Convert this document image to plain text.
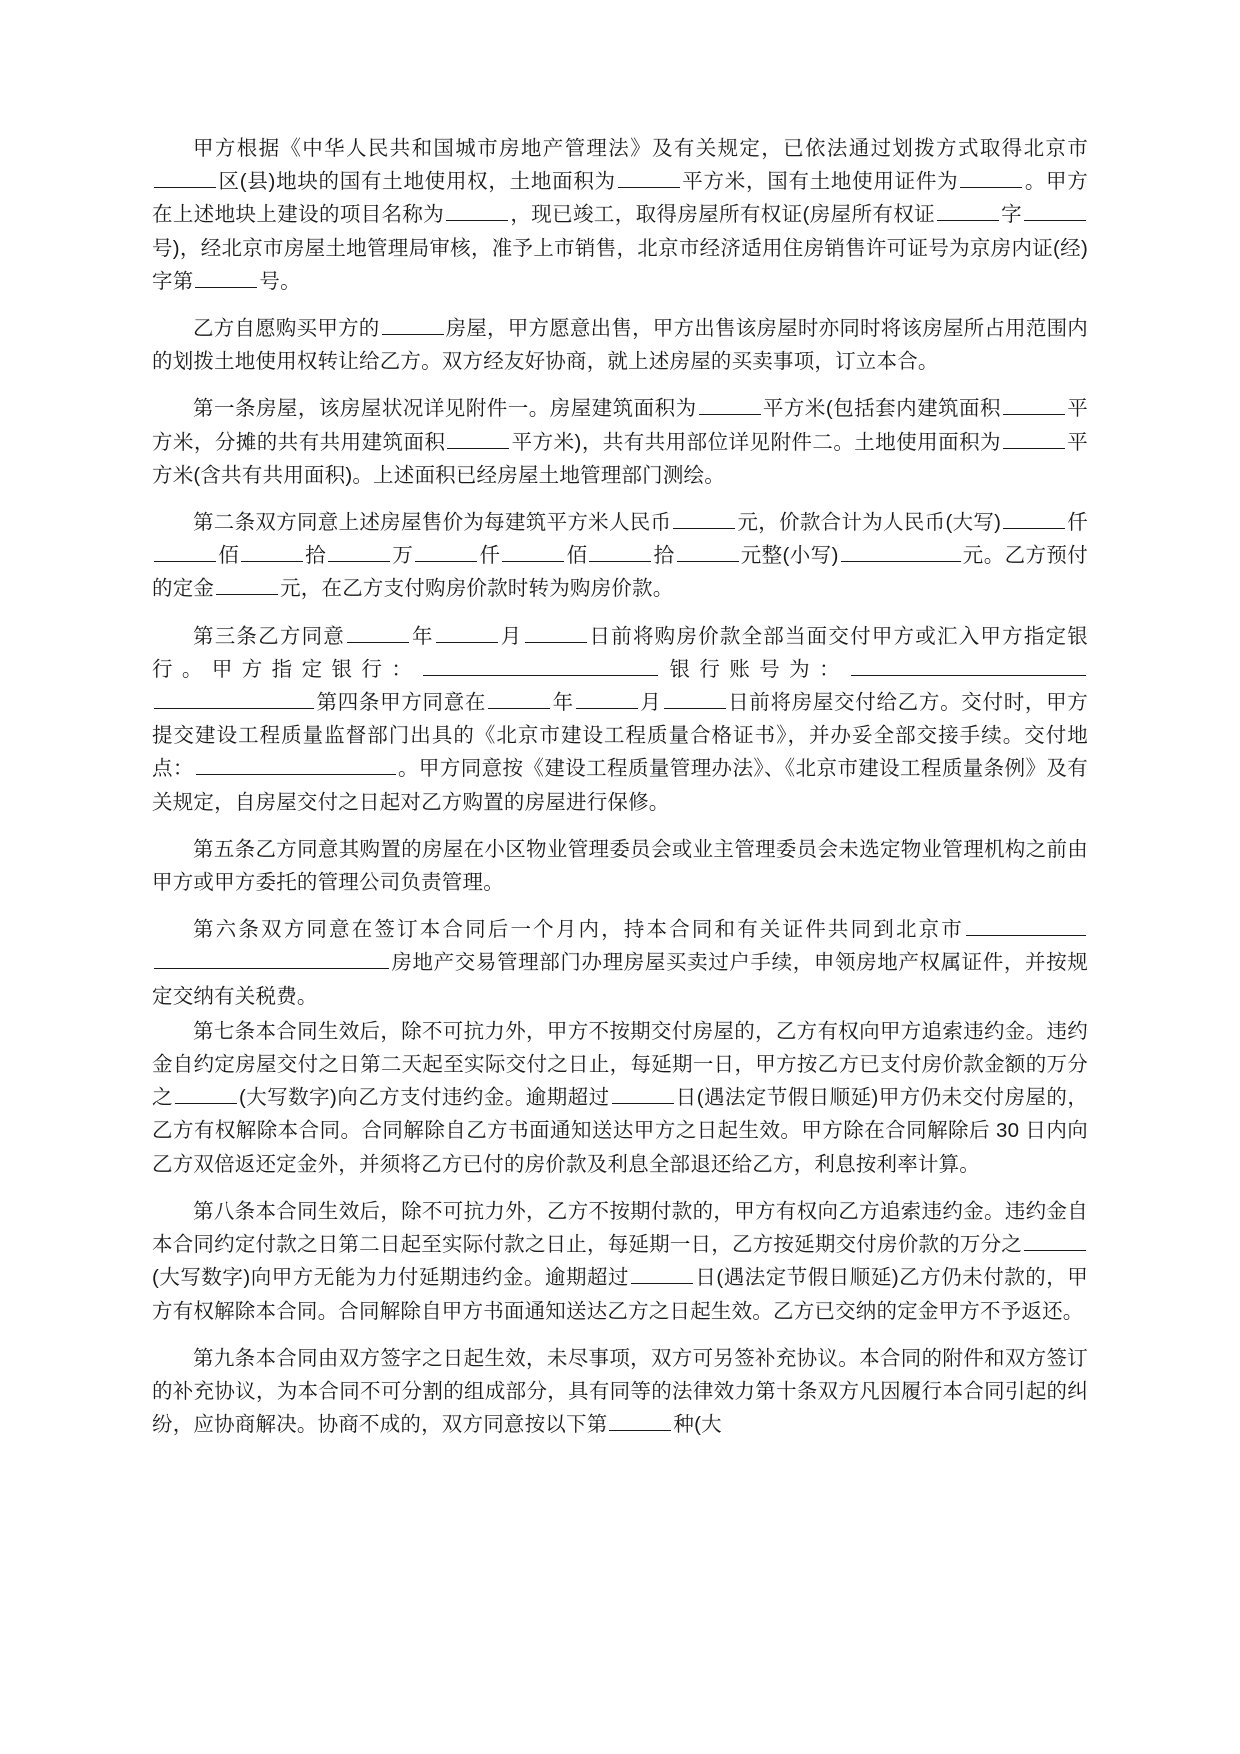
甲方根据《中华人民共和国城市房地产管理法》及有关规定，已依法通过划拨方式取得北京市区(县)地块的国有土地使用权，土地面积为	平方米，国有土地使用证件为	。甲方在上述地块上建设的项目名称为	，现已竣工，取得房屋所有权证(房屋所有权证	字号)，经北京市房屋土地管理局审核，准予上市销售，北京市经济适用住房销售许可证号为京房内证(经)字第	号。

乙方自愿购买甲方的	房屋，甲方愿意出售，甲方出售该房屋时亦同时将该房屋所占用范围内的划拨土地使用权转让给乙方。双方经友好协商，就上述房屋的买卖事项，订立本合。

第一条房屋，该房屋状况详见附件一。房屋建筑面积为	平方米(包括套内建筑面积	平方米，分摊的共有共用建筑面积	平方米)，共有共用部位详见附件二。土地使用面积为	平方米(含共有共用面积)。上述面积已经房屋土地管理部门测绘。

第二条双方同意上述房屋售价为每建筑平方米人民币	元，价款合计为人民币(大写)	仟佰	拾	万	仟	佰	拾	元整(小写)	元。乙方预付的定金	元，在乙方支付购房价款时转为购房价款。

第三条乙方同意	年	月	日前将购房价款全部当面交付甲方或汇入甲方指定银行。甲方指定银行：	银行账号为：第四条甲方同意在	年	月	日前将房屋交付给乙方。交付时，甲方提交建设工程质量监督部门出具的《北京市建设工程质量合格证书》，并办妥全部交接手续。交付地点：	。甲方同意按《建设工程质量管理办法》、《北京市建设工程质量条例》及有关规定，自房屋交付之日起对乙方购置的房屋进行保修。

第五条乙方同意其购置的房屋在小区物业管理委员会或业主管理委员会未选定物业管理机构之前由甲方或甲方委托的管理公司负责管理。

第六条双方同意在签订本合同后一个月内，持本合同和有关证件共同到北京市房地产交易管理部门办理房屋买卖过户手续，申领房地产权属证件，并按规定交纳有关税费。

第七条本合同生效后，除不可抗力外，甲方不按期交付房屋的，乙方有权向甲方追索违约金。违约金自约定房屋交付之日第二天起至实际交付之日止，每延期一日，甲方按乙方已支付房价款金额的万分之	(大写数字)向乙方支付违约金。逾期超过	日(遇法定节假日顺延)甲方仍未交付房屋的，乙方有权解除本合同。合同解除自乙方书面通知送达甲方之日起生效。甲方除在合同解除后 30 日内向乙方双倍返还定金外，并须将乙方已付的房价款及利息全部退还给乙方，利息按利率计算。

第八条本合同生效后，除不可抗力外，乙方不按期付款的，甲方有权向乙方追索违约金。违约金自本合同约定付款之日第二日起至实际付款之日止，每延期一日，乙方按延期交付房价款的万分之(大写数字)向甲方无能为力付延期违约金。逾期超过	日(遇法定节假日顺延)乙方仍未付款的，甲方有权解除本合同。合同解除自甲方书面通知送达乙方之日起生效。乙方已交纳的定金甲方不予返还。

第九条本合同由双方签字之日起生效，未尽事项，双方可另签补充协议。本合同的附件和双方签订的补充协议，为本合同不可分割的组成部分，具有同等的法律效力第十条双方凡因履行本合同引起的纠纷，应协商解决。协商不成的，双方同意按以下第	种(大
